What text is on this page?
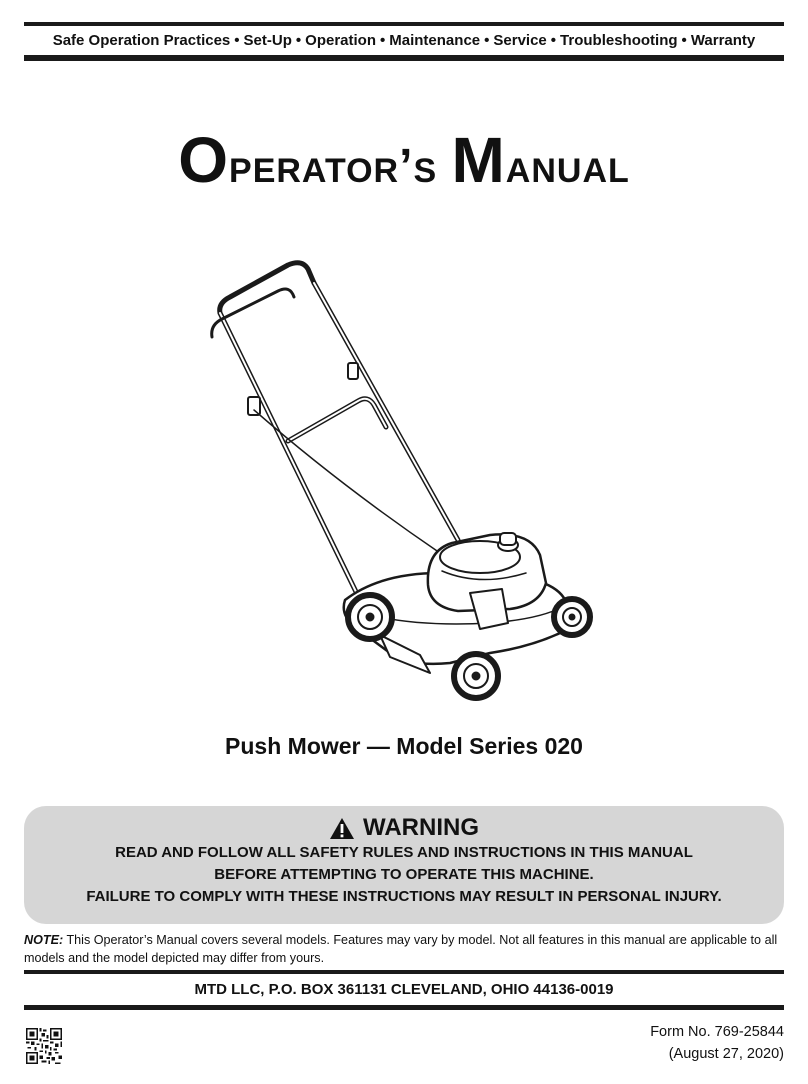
Safe Operation Practices • Set-Up • Operation • Maintenance • Service • Troubleshooting • Warranty
Operator’s Manual
Push Mower — Model Series 020
WARNING
READ AND FOLLOW ALL SAFETY RULES AND INSTRUCTIONS IN THIS MANUAL
BEFORE ATTEMPTING TO OPERATE THIS MACHINE.
FAILURE TO COMPLY WITH THESE INSTRUCTIONS MAY RESULT IN PERSONAL INJURY.
NOTE: This Operator’s Manual covers several models. Features may vary by model. Not all features in this manual are applicable to all models and the model depicted may differ from yours.
MTD LLC, P.O. BOX 361131 CLEVELAND, OHIO 44136-0019
Form No. 769-25844
(August 27, 2020)
